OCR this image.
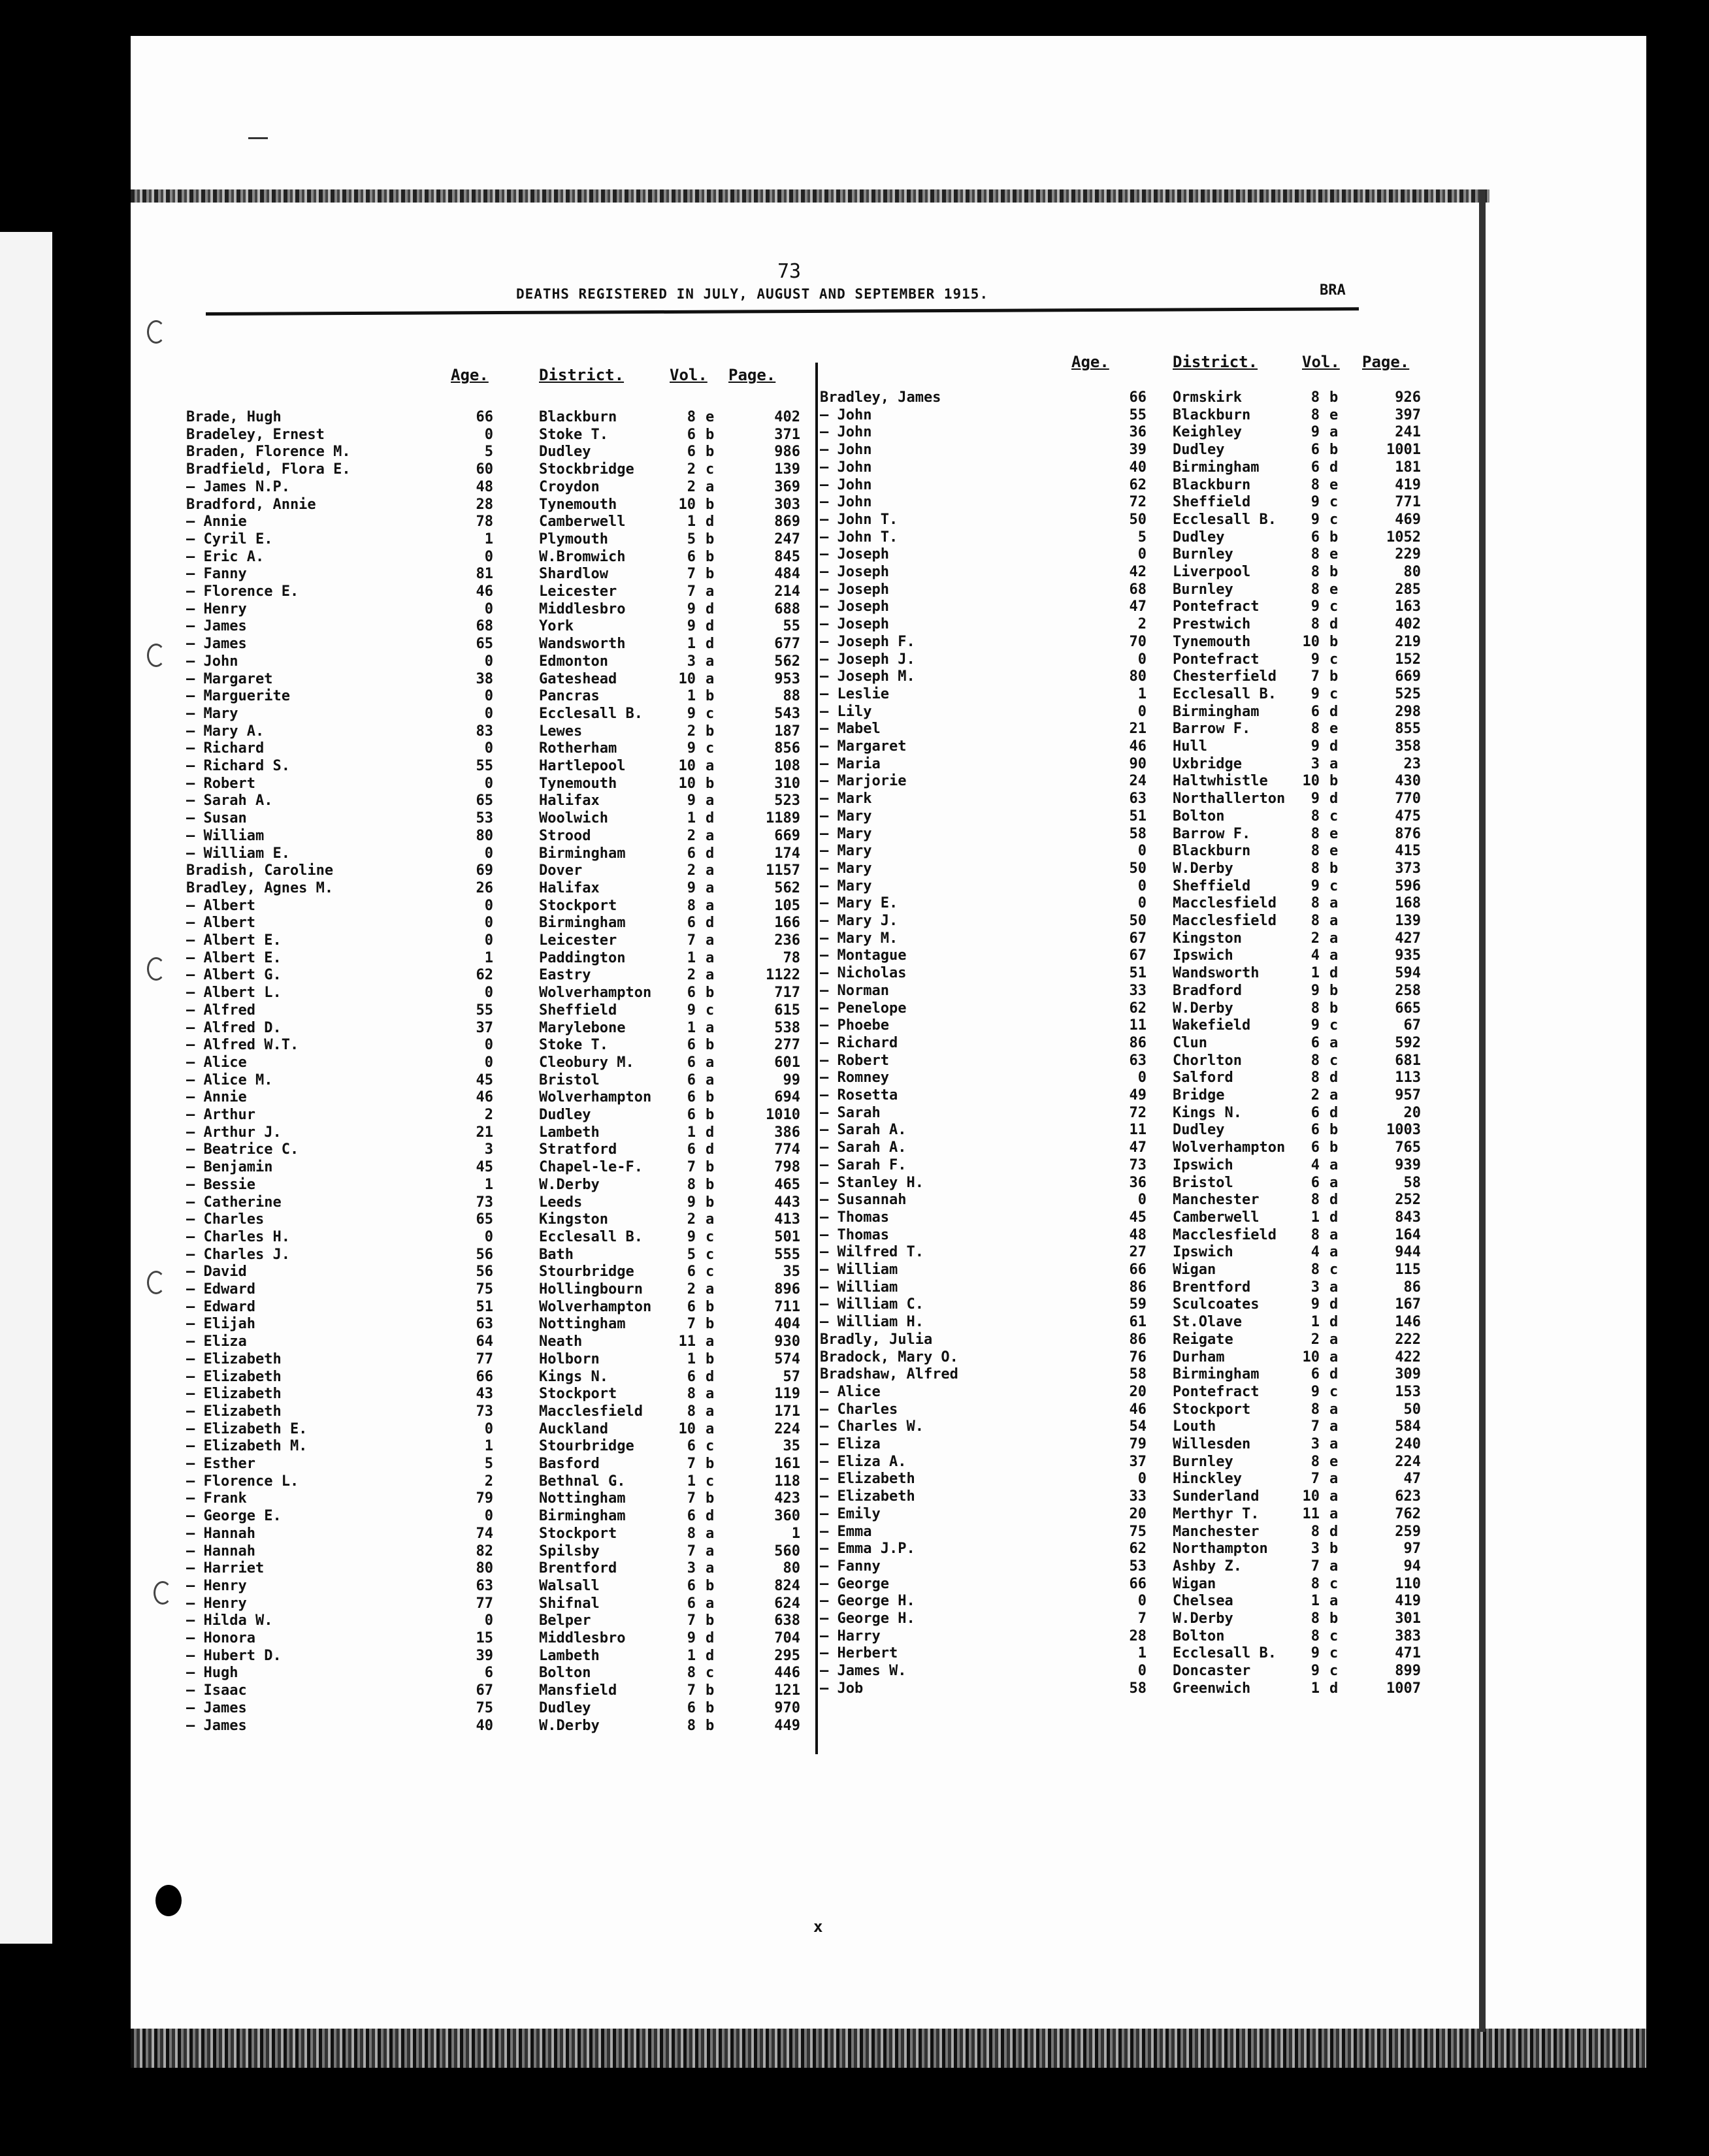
73
DEATHS REGISTERED IN JULY, AUGUST AND SEPTEMBER 1915.	BRA
Age.	District.	Vol. Page.
Brade, Hugh	66	Blackburn	8 e	402
Bradeley, Ernest	0	Stoke T.	6 b	371
Braden, Florence M.	5	Dudley	6 b	986
Bradfield, Flora E.	60	Stockbridge	2 c	139
— James N.P.	48	Croydon	2 a	369
Bradford, Annie	28	Tynemouth	10 b	303
— Annie	78	Camberwell	1 d	869
— Cyril E.	1	Plymouth	5 b	247
— Eric A.	0	W.Bromwich	6 b	845
— Fanny	81	Shardlow	7 b	484
— Florence E.	46	Leicester	7 a	214
— Henry	0	Middlesbro	9 d	688
— James	68	York	9 d	55
— James	65	Wandsworth	1 d	677
— John	0	Edmonton	3 a	562
— Margaret	38	Gateshead	10 a	953
— Marguerite	0	Pancras	1 b	88
— Mary	0	Ecclesall B.	9 c	543
— Mary A.	83	Lewes	2 b	187
— Richard	0	Rotherham	9 c	856
— Richard S.	55	Hartlepool	10 a	108
— Robert	0	Tynemouth	10 b	310
— Sarah A.	65	Halifax	9 a	523
— Susan	53	Woolwich	1 d	1189
— William	80	Strood	2 a	669
— William E.	0	Birmingham	6 d	174
Bradish, Caroline	69	Dover	2 a	1157
Bradley, Agnes M.	26	Halifax	9 a	562
— Albert	0	Stockport	8 a	105
— Albert	0	Birmingham	6 d	166
— Albert E.	0	Leicester	7 a	236
— Albert E.	1	Paddington	1 a	78
— Albert G.	62	Eastry	2 a	1122
— Albert L.	0	Wolverhampton	6 b	717
— Alfred	55	Sheffield	9 c	615
— Alfred D.	37	Marylebone	1 a	538
— Alfred W.T.	0	Stoke T.	6 b	277
— Alice	0	Cleobury M.	6 a	601
— Alice M.	45	Bristol	6 a	99
— Annie	46	Wolverhampton	6 b	694
— Arthur	2	Dudley	6 b	1010
— Arthur J.	21	Lambeth	1 d	386
— Beatrice C.	3	Stratford	6 d	774
— Benjamin	45	Chapel-le-F.	7 b	798
— Bessie	1	W.Derby	8 b	465
— Catherine	73	Leeds	9 b	443
— Charles	65	Kingston	2 a	413
— Charles H.	0	Ecclesall B.	9 c	501
— Charles J.	56	Bath	5 c	555
— David	56	Stourbridge	6 c	35
— Edward	75	Hollingbourn	2 a	896
— Edward	51	Wolverhampton	6 b	711
— Elijah	63	Nottingham	7 b	404
— Eliza	64	Neath	11 a	930
— Elizabeth	77	Holborn	1 b	574
— Elizabeth	66	Kings N.	6 d	57
— Elizabeth	43	Stockport	8 a	119
— Elizabeth	73	Macclesfield	8 a	171
— Elizabeth E.	0	Auckland	10 a	224
— Elizabeth M.	1	Stourbridge	6 c	35
— Esther	5	Basford	7 b	161
— Florence L.	2	Bethnal G.	1 c	118
— Frank	79	Nottingham	7 b	423
— George E.	0	Birmingham	6 d	360
— Hannah	74	Stockport	8 a	1
— Hannah	82	Spilsby	7 a	560
— Harriet	80	Brentford	3 a	80
— Henry	63	Walsall	6 b	824
— Henry	77	Shifnal	6 a	624
— Hilda W.	0	Belper	7 b	638
— Honora	15	Middlesbro	9 d	704
— Hubert D.	39	Lambeth	1 d	295
— Hugh	6	Bolton	8 c	446
— Isaac	67	Mansfield	7 b	121
— James	75	Dudley	6 b	970
— James	40	W.Derby	8 b	449
Age.	District.	Vol. Page.
Bradley, James	66 Ormskirk	8 b	926
— John	55 Blackburn	8 e	397
— John	36 Keighley	9 a	241
— John	39 Dudley	6 b	1001
— John	40 Birmingham	6 d	181
— John	62 Blackburn	8 e	419
— John	72 Sheffield	9 c	771
— John T.	50 Ecclesall B.	9 c	469
— John T.	5 Dudley	6 b	1052
— Joseph	0 Burnley	8 e	229
— Joseph	42 Liverpool	8 b	80
— Joseph	68 Burnley	8 e	285
— Joseph	47 Pontefract	9 c	163
— Joseph	2 Prestwich	8 d	402
— Joseph F.	70 Tynemouth	10 b	219
— Joseph J.	0 Pontefract	9 c	152
— Joseph M.	80 Chesterfield	7 b	669
— Leslie	1 Ecclesall B.	9 c	525
— Lily	0 Birmingham	6 d	298
— Mabel	21 Barrow F.	8 e	855
— Margaret	46 Hull	9 d	358
— Maria	90 Uxbridge	3 a	23
— Marjorie	24 Haltwhistle	10 b	430
— Mark	63 Northallerton	9 d	770
— Mary	51 Bolton	8 c	475
— Mary	58 Barrow F.	8 e	876
— Mary	0 Blackburn	8 e	415
— Mary	50 W.Derby	8 b	373
— Mary	0 Sheffield	9 c	596
— Mary E.	0 Macclesfield	8 a	168
— Mary J.	50 Macclesfield	8 a	139
— Mary M.	67 Kingston	2 a	427
— Montague	67 Ipswich	4 a	935
— Nicholas	51 Wandsworth	1 d	594
— Norman	33 Bradford	9 b	258
— Penelope	62 W.Derby	8 b	665
— Phoebe	11 Wakefield	9 c	67
— Richard	86 Clun	6 a	592
— Robert	63 Chorlton	8 c	681
— Romney	0 Salford	8 d	113
— Rosetta	49 Bridge	2 a	957
— Sarah	72 Kings N.	6 d	20
— Sarah A.	11 Dudley	6 b	1003
— Sarah A.	47 Wolverhampton	6 b	765
— Sarah F.	73 Ipswich	4 a	939
— Stanley H.	36 Bristol	6 a	58
— Susannah	0 Manchester	8 d	252
— Thomas	45 Camberwell	1 d	843
— Thomas	48 Macclesfield	8 a	164
— Wilfred T.	27 Ipswich	4 a	944
— William	66 Wigan	8 c	115
— William	86 Brentford	3 a	86
— William C.	59 Sculcoates	9 d	167
— William H.	61 St.Olave	1 d	146
Bradly, Julia	86 Reigate	2 a	222
Bradock, Mary O.	76 Durham	10 a	422
Bradshaw, Alfred	58 Birmingham	6 d	309
— Alice	20 Pontefract	9 c	153
— Charles	46 Stockport	8 a	50
— Charles W.	54 Louth	7 a	584
— Eliza	79 Willesden	3 a	240
— Eliza A.	37 Burnley	8 e	224
— Elizabeth	0 Hinckley	7 a	47
— Elizabeth	33 Sunderland	10 a	623
— Emily	20 Merthyr T.	11 a	762
— Emma	75 Manchester	8 d	259
— Emma J.P.	62 Northampton	3 b	97
— Fanny	53 Ashby Z.	7 a	94
— George	66 Wigan	8 c	110
— George H.	0 Chelsea	1 a	419
— George H.	7 W.Derby	8 b	301
— Harry	28 Bolton	8 c	383
— Herbert	1 Ecclesall B.	9 c	471
— James W.	0 Doncaster	9 c	899
— Job	58 Greenwich	1 d	1007
x
